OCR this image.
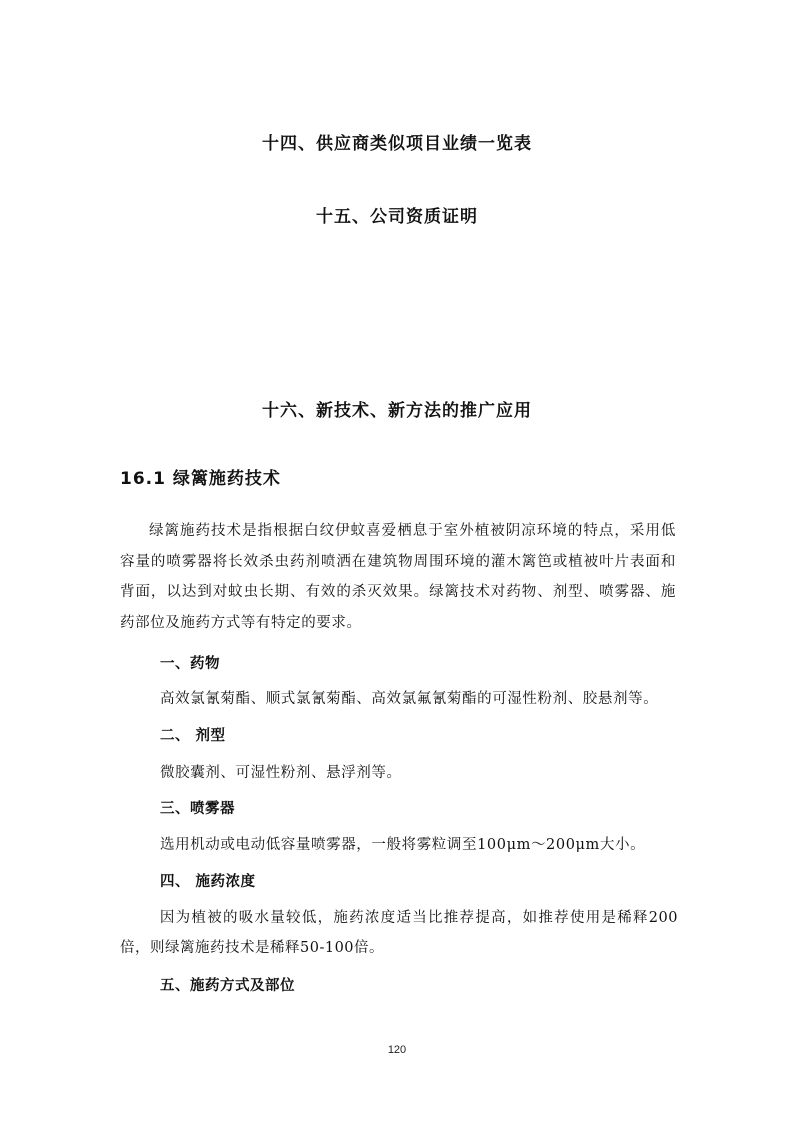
十四、供应商类似项目业绩一览表
十五、公司资质证明
十六、新技术、新方法的推广应用
16.1 绿篱施药技术
绿篱施药技术是指根据白纹伊蚊喜爱栖息于室外植被阴凉环境的特点，采用低容量的喷雾器将长效杀虫药剂喷洒在建筑物周围环境的灌木篱笆或植被叶片表面和背面，以达到对蚊虫长期、有效的杀灭效果。绿篱技术对药物、剂型、喷雾器、施药部位及施药方式等有特定的要求。
一、药物
高效氯氰菊酯、顺式氯氰菊酯、高效氯氟氰菊酯的可湿性粉剂、胶悬剂等。
二、 剂型
微胶囊剂、可湿性粉剂、悬浮剂等。
三、喷雾器
选用机动或电动低容量喷雾器，一般将雾粒调至100μm～200μm大小。
四、 施药浓度
因为植被的吸水量较低，施药浓度适当比推荐提高，如推荐使用是稀释200倍，则绿篱施药技术是稀释50-100倍。
五、施药方式及部位
120
